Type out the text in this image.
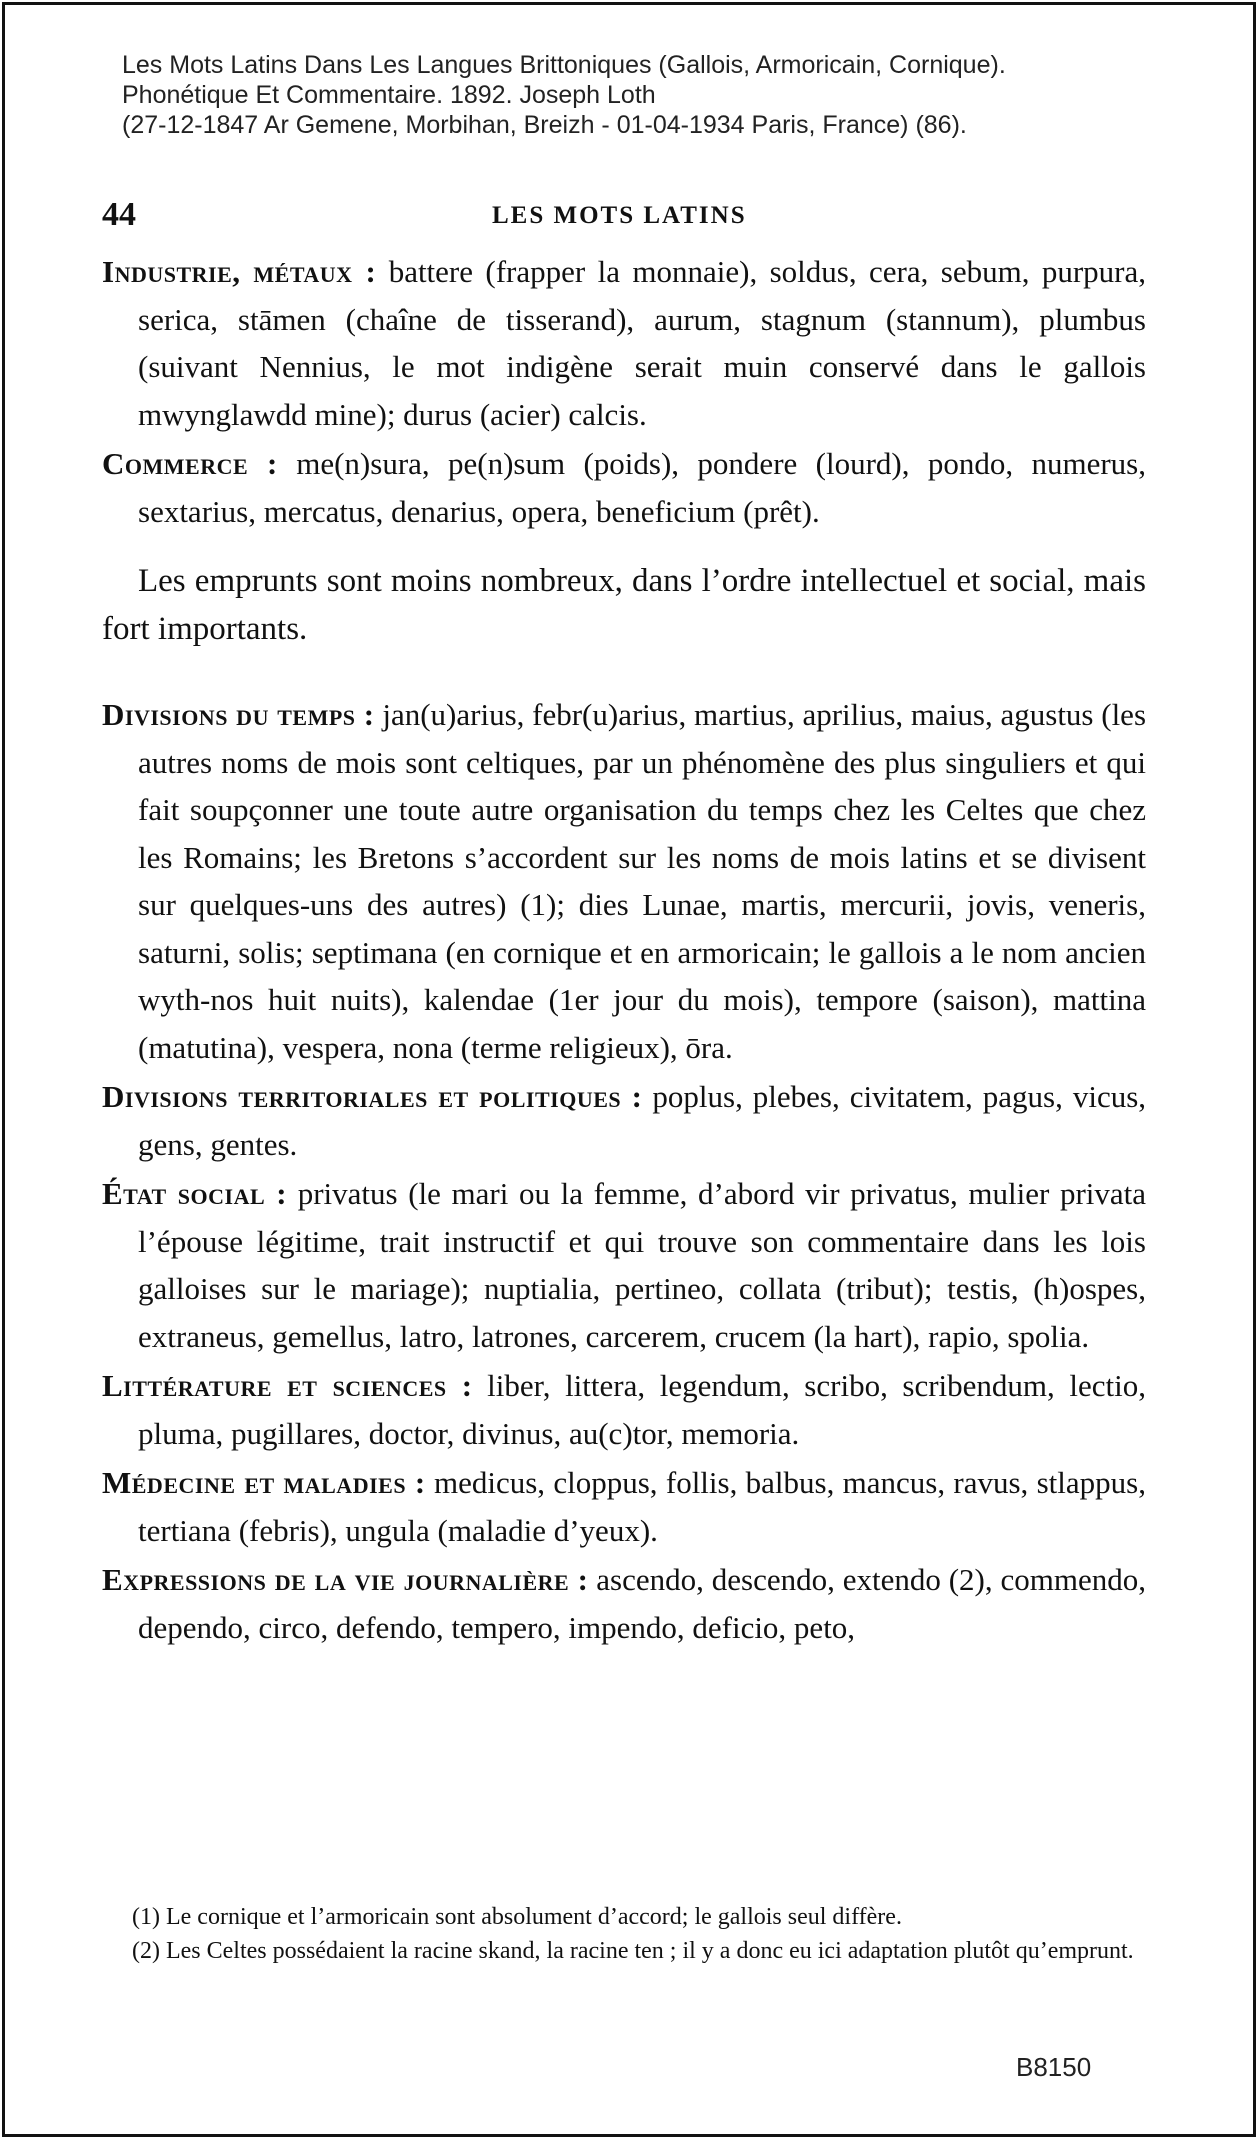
Les Mots Latins Dans Les Langues Brittoniques (Gallois, Armoricain, Cornique).
Phonétique Et Commentaire. 1892. Joseph Loth
(27-12-1847 Ar Gemene, Morbihan, Breizh - 01-04-1934 Paris, France) (86).
44	LES MOTS LATINS

Industrie, métaux : battere (frapper la monnaie), soldus, cera, sebum, purpura, serica, stāmen (chaîne de tisserand), aurum, stagnum (stannum), plumbus (suivant Nennius, le mot indigène serait muin conservé dans le gallois mwynglawdd mine); durus (acier) calcis.

Commerce : me(n)sura, pe(n)sum (poids), pondere (lourd), pondo, numerus, sextarius, mercatus, denarius, opera, beneficium (prêt).

Les emprunts sont moins nombreux, dans l’ordre intellectuel et social, mais fort importants.

Divisions du temps : jan(u)arius, febr(u)arius, martius, aprilius, maius, agustus (les autres noms de mois sont celtiques, par un phénomène des plus singuliers et qui fait soupçonner une toute autre organisation du temps chez les Celtes que chez les Romains; les Bretons s’accordent sur les noms de mois latins et se divisent sur quelques-uns des autres) (1); dies Lunae, martis, mercurii, jovis, veneris, saturni, solis; septimana (en cornique et en armoricain; le gallois a le nom ancien wyth-nos huit nuits), kalendae (1er jour du mois), tempore (saison), mattina (matutina), vespera, nona (terme religieux), ōra.

Divisions territoriales et politiques : poplus, plebes, civitatem, pagus, vicus, gens, gentes.

État social : privatus (le mari ou la femme, d’abord vir privatus, mulier privata l’épouse légitime, trait instructif et qui trouve son commentaire dans les lois galloises sur le mariage); nuptialia, pertineo, collata (tribut); testis, (h)ospes, extraneus, gemellus, latro, latrones, carcerem, crucem (la hart), rapio, spolia.

Littérature et sciences : liber, littera, legendum, scribo, scribendum, lectio, pluma, pugillares, doctor, divinus, au(c)tor, memoria.

Médecine et maladies : medicus, cloppus, follis, balbus, mancus, ravus, stlappus, tertiana (febris), ungula (maladie d’yeux).

Expressions de la vie journalière : ascendo, descendo, extendo (2), commendo, dependo, circo, defendo, tempero, impendo, deficio, peto,

(1) Le cornique et l’armoricain sont absolument d’accord; le gallois seul diffère.
(2) Les Celtes possédaient la racine skand, la racine ten ; il y a donc eu ici adaptation plutôt qu’emprunt.
B8150
